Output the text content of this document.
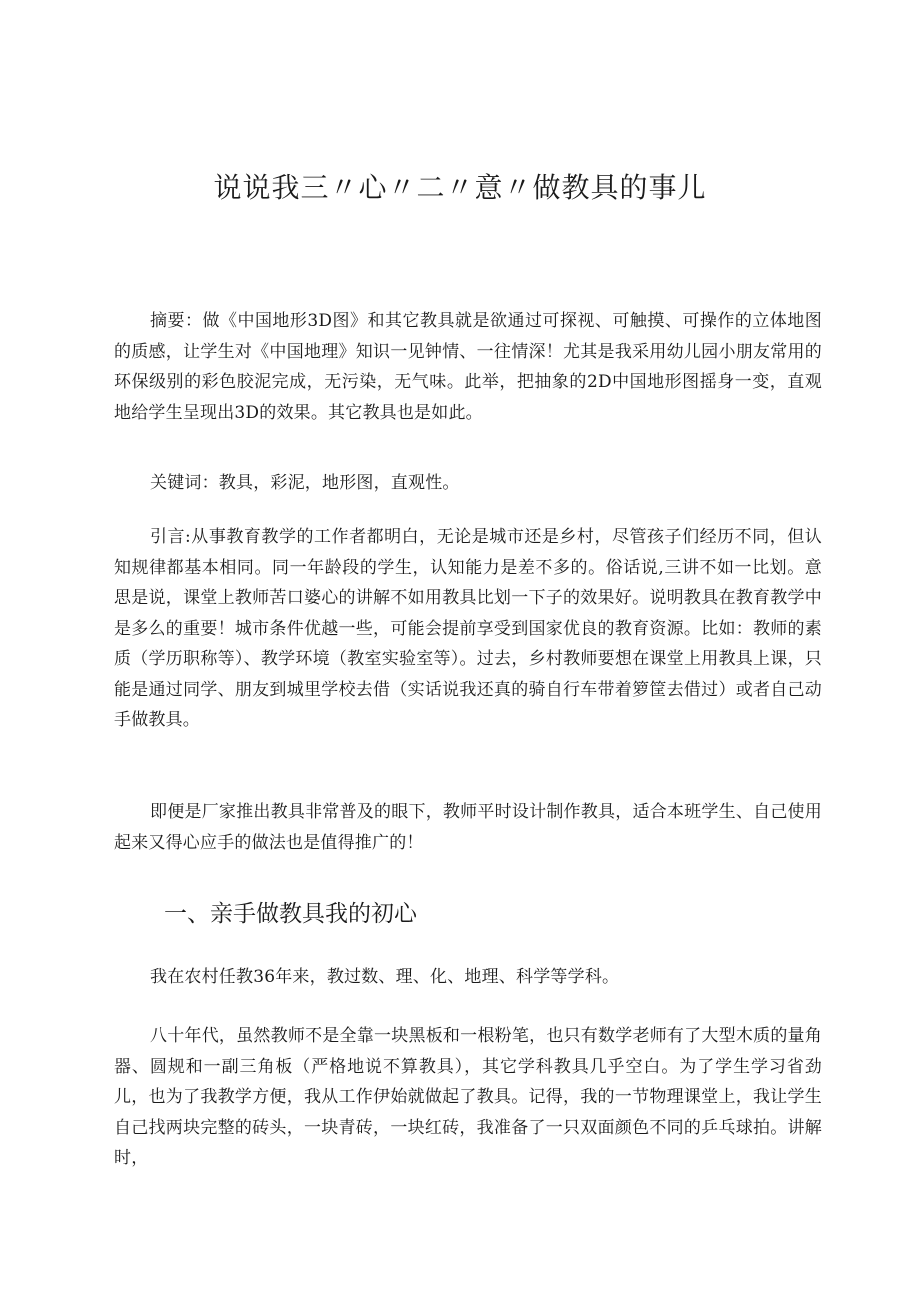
说说我三〃心〃二〃意〃做教具的事儿

摘要：做《中国地形3D图》和其它教具就是欲通过可探视、可触摸、可操作的立体地图的质感，让学生对《中国地理》知识一见钟情、一往情深！尤其是我采用幼儿园小朋友常用的环保级别的彩色胶泥完成，无污染，无气味。此举，把抽象的2D中国地形图摇身一变，直观地给学生呈现出3D的效果。其它教具也是如此。

关键词：教具，彩泥，地形图，直观性。

引言:从事教育教学的工作者都明白，无论是城市还是乡村，尽管孩子们经历不同，但认知规律都基本相同。同一年龄段的学生，认知能力是差不多的。俗话说,三讲不如一比划。意思是说，课堂上教师苦口婆心的讲解不如用教具比划一下子的效果好。说明教具在教育教学中是多么的重要！城市条件优越一些，可能会提前享受到国家优良的教育资源。比如：教师的素质（学历职称等）、教学环境（教室实验室等）。过去，乡村教师要想在课堂上用教具上课，只能是通过同学、朋友到城里学校去借（实话说我还真的骑自行车带着箩筐去借过）或者自己动手做教具。

即便是厂家推出教具非常普及的眼下，教师平时设计制作教具，适合本班学生、自己使用起来又得心应手的做法也是值得推广的！

一、亲手做教具我的初心

我在农村任教36年来，教过数、理、化、地理、科学等学科。

八十年代，虽然教师不是全靠一块黑板和一根粉笔，也只有数学老师有了大型木质的量角器、圆规和一副三角板（严格地说不算教具），其它学科教具几乎空白。为了学生学习省劲儿，也为了我教学方便，我从工作伊始就做起了教具。记得，我的一节物理课堂上，我让学生自己找两块完整的砖头，一块青砖，一块红砖，我准备了一只双面颜色不同的乒乓球拍。讲解时，
